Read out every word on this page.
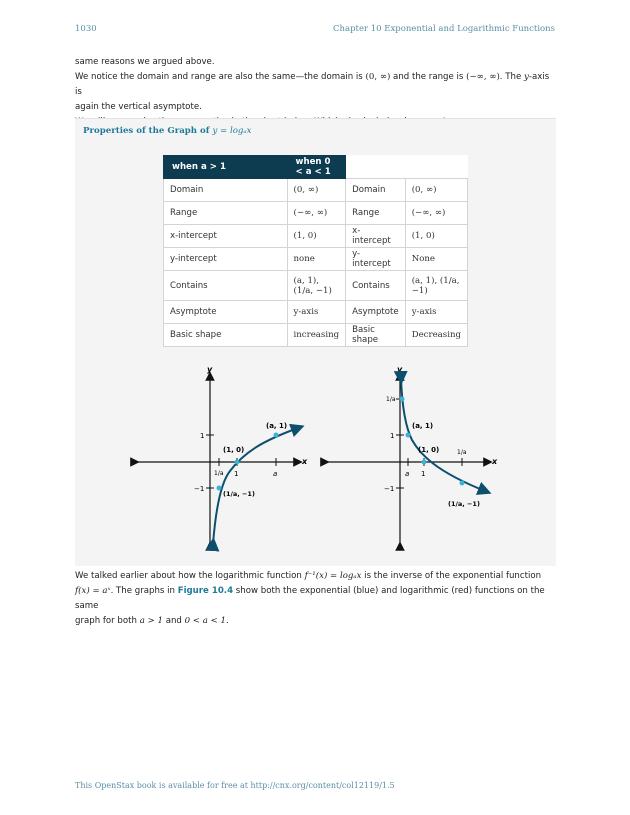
1030	Chapter 10 Exponential and Logarithmic Functions
same reasons we argued above.
We notice the domain and range are also the same—the domain is (0, ∞) and the range is (−∞, ∞). The y-axis is
again the vertical asymptote.
Properties of the Graph of y = logₐx
when a > 1	when 0 < a < 1		
Domain	(0, ∞)	Domain	(0, ∞)
Range	(−∞, ∞)	Range	(−∞, ∞)
x-intercept	(1, 0)	x-intercept	(1, 0)
y-intercept	none	y-intercept	None
Contains	(a, 1), (1/a, −1)	Contains	(a, 1), (1/a, −1)
Asymptote	y-axis	Asymptote	y-axis
Basic shape	increasing	Basic shape	Decreasing
x
y
1
−1
1/a 1	a
(a, 1)
(1, 0)
(1/a, −1)
x
y
1/a
1
−1
a 1
1/a
(a, 1)
(1, 0)
(1/a, −1)
We talked earlier about how the logarithmic function f⁻¹(x) = logₐx is the inverse of the exponential function
f(x) = aˣ. The graphs in Figure 10.4 show both the exponential (blue) and logarithmic (red) functions on the same
graph for both a > 1 and 0 < a < 1.
This OpenStax book is available for free at http://cnx.org/content/col12119/1.5
